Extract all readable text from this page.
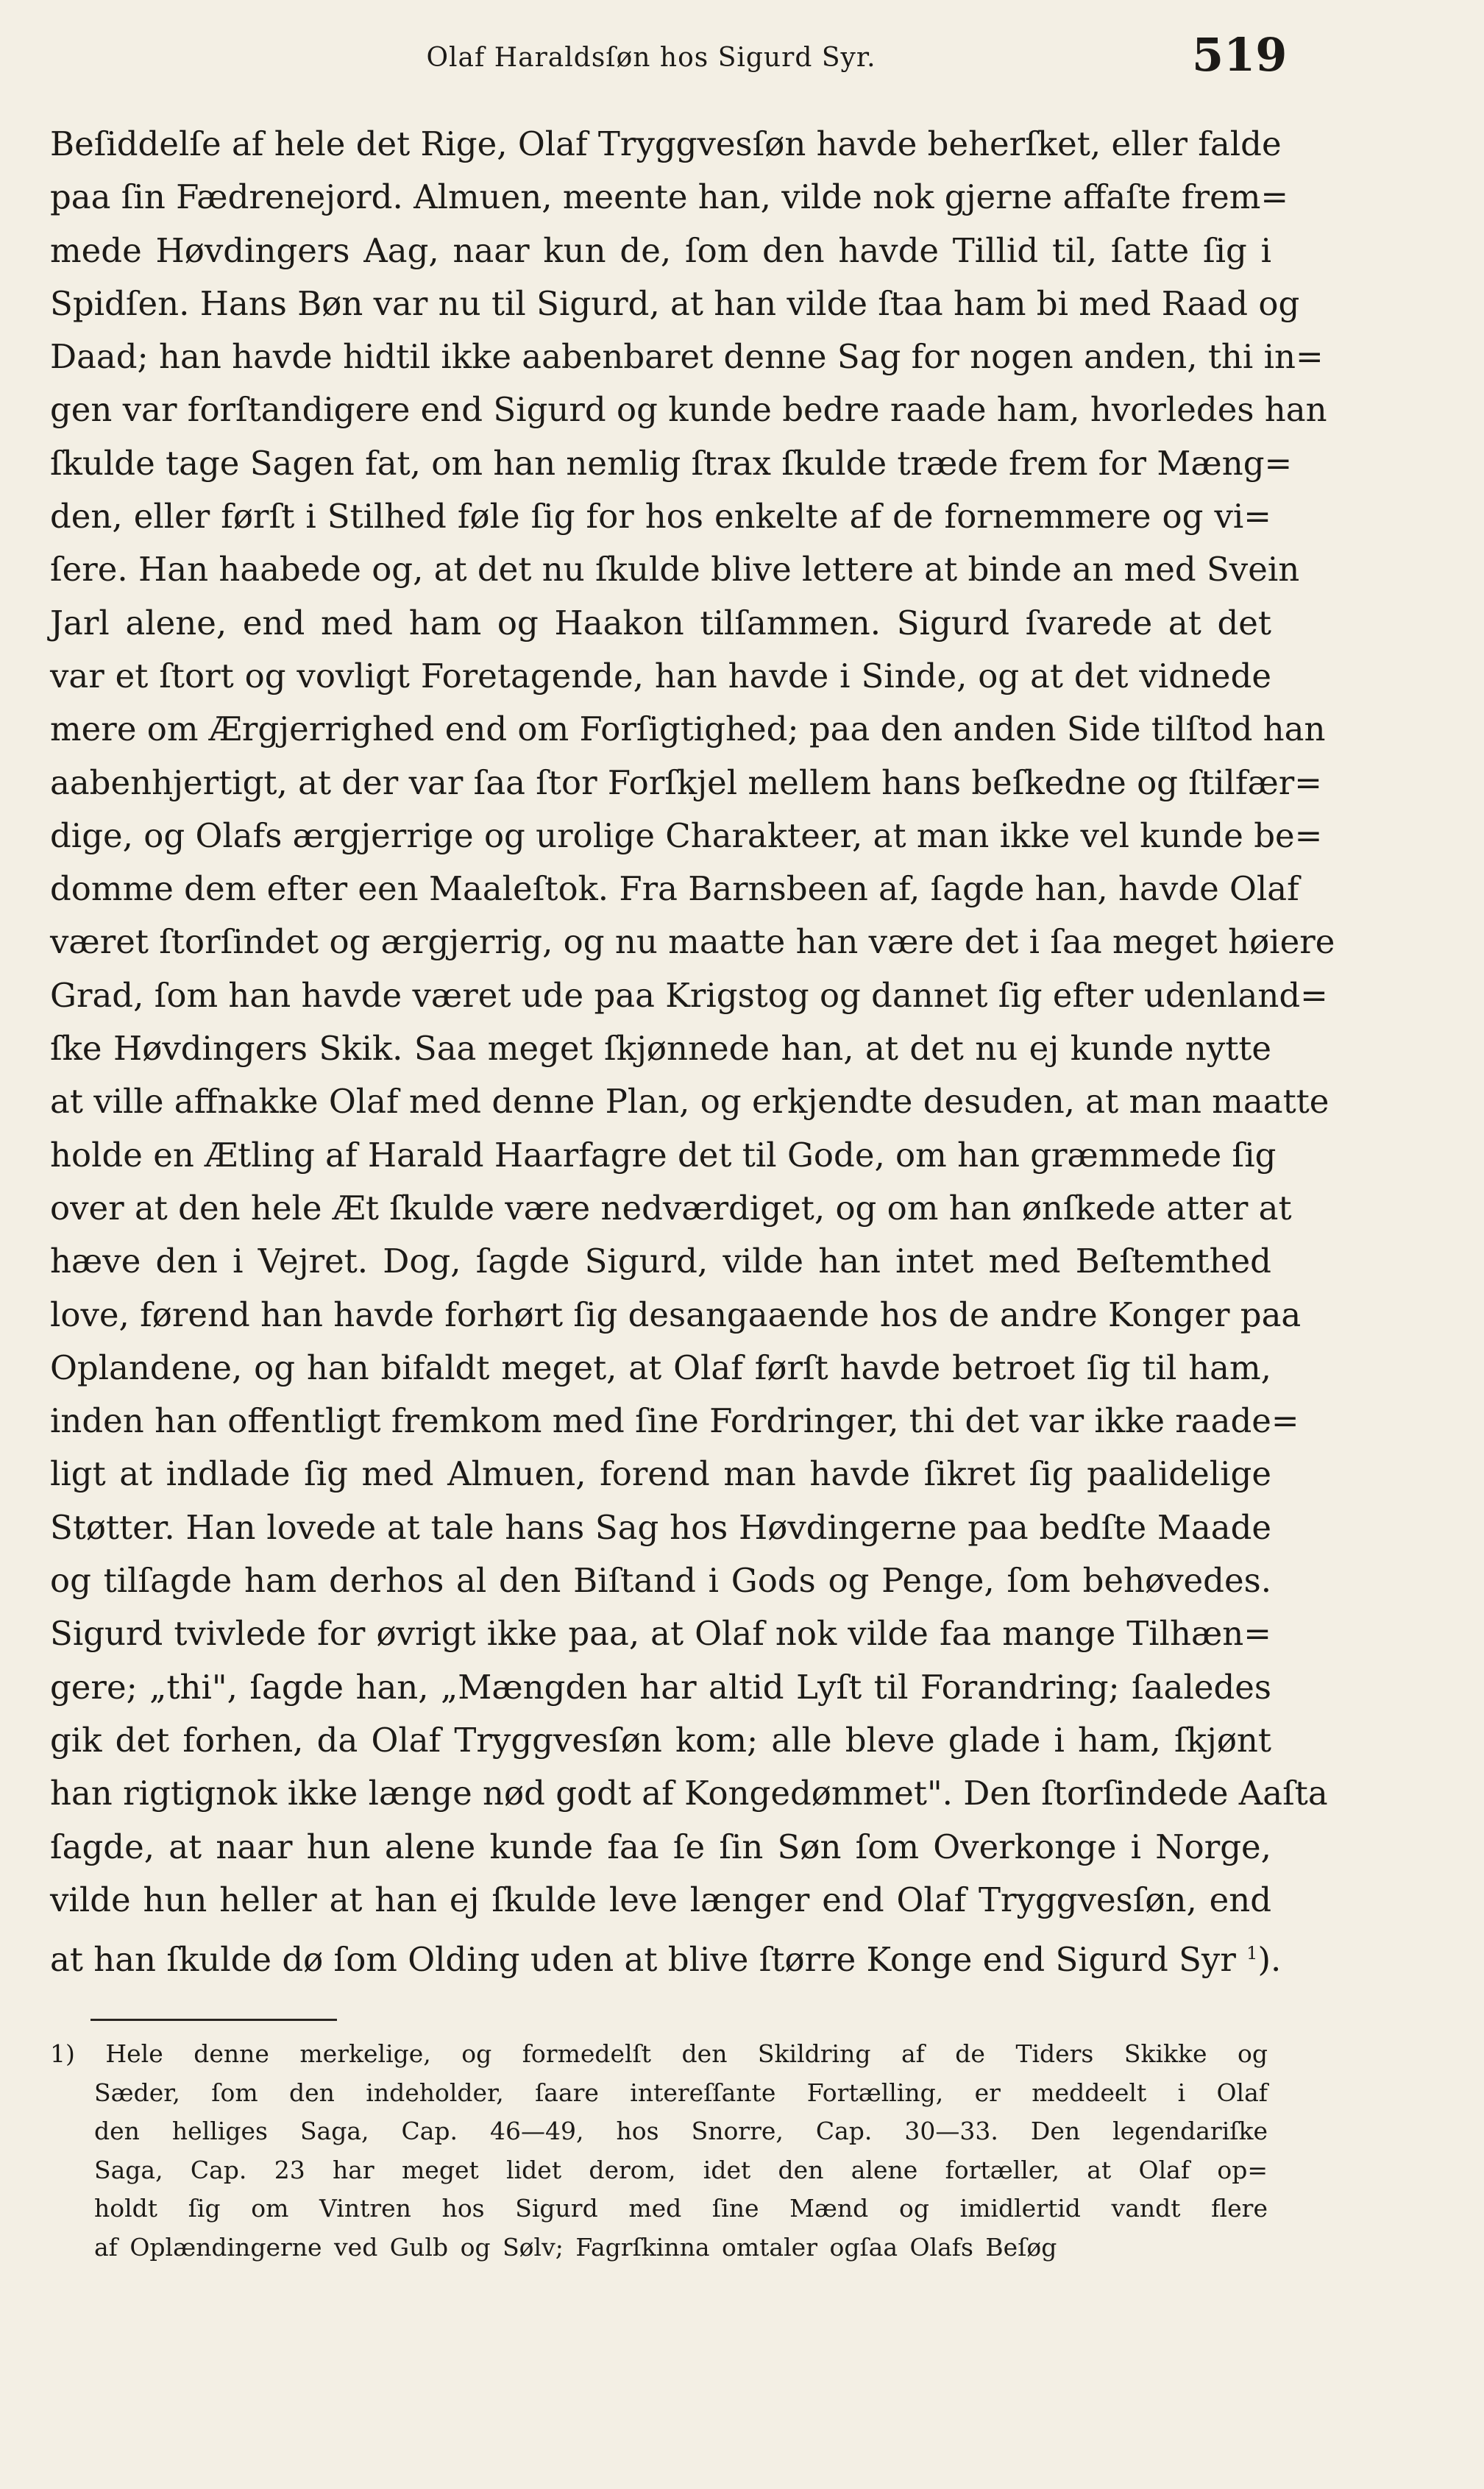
Olaf Haraldsſøn hos Sigurd Syr.	519
Beſiddelſe af hele det Rige, Olaf Tryggvesſøn havde beherſket, eller falde
paa ſin Fædrenejord. Almuen, meente han, vilde nok gjerne affaſte frem=
mede Høvdingers Aag, naar kun de, ſom den havde Tillid til, ſatte ſig i
Spidſen. Hans Bøn var nu til Sigurd, at han vilde ſtaa ham bi med Raad og
Daad; han havde hidtil ikke aabenbaret denne Sag for nogen anden, thi in=
gen var forſtandigere end Sigurd og kunde bedre raade ham, hvorledes han
ſkulde tage Sagen fat, om han nemlig ſtrax ſkulde træde frem for Mæng=
den, eller førſt i Stilhed føle ſig for hos enkelte af de fornemmere og vi=
ſere. Han haabede og, at det nu ſkulde blive lettere at binde an med Svein
Jarl alene, end med ham og Haakon tilſammen. Sigurd ſvarede at det
var et ſtort og vovligt Foretagende, han havde i Sinde, og at det vidnede
mere om Ærgjerrighed end om Forſigtighed; paa den anden Side tilſtod han
aabenhjertigt, at der var ſaa ſtor Forſkjel mellem hans beſkedne og ſtilfær=
dige, og Olafs ærgjerrige og urolige Charakteer, at man ikke vel kunde be=
domme dem efter een Maaleſtok. Fra Barnsbeen af, ſagde han, havde Olaf
været ſtorſindet og ærgjerrig, og nu maatte han være det i ſaa meget høiere
Grad, ſom han havde været ude paa Krigstog og dannet ſig efter udenland=
ſke Høvdingers Skik. Saa meget ſkjønnede han, at det nu ej kunde nytte
at ville affnakke Olaf med denne Plan, og erkjendte desuden, at man maatte
holde en Ætling af Harald Haarfagre det til Gode, om han græmmede ſig
over at den hele Æt ſkulde være nedværdiget, og om han ønſkede atter at
hæve den i Vejret. Dog, ſagde Sigurd, vilde han intet med Beſtemthed
love, førend han havde forhørt ſig desangaaende hos de andre Konger paa
Oplandene, og han bifaldt meget, at Olaf førſt havde betroet ſig til ham,
inden han offentligt fremkom med ſine Fordringer, thi det var ikke raade=
ligt at indlade ſig med Almuen, forend man havde ſikret ſig paalidelige
Støtter. Han lovede at tale hans Sag hos Høvdingerne paa bedſte Maade
og tilſagde ham derhos al den Biſtand i Gods og Penge, ſom behøvedes.
Sigurd tvivlede for øvrigt ikke paa, at Olaf nok vilde faa mange Tilhæn=
gere; „thi", ſagde han, „Mængden har altid Lyſt til Forandring; ſaaledes
gik det forhen, da Olaf Tryggvesſøn kom; alle bleve glade i ham, ſkjønt
han rigtignok ikke længe nød godt af Kongedømmet". Den ſtorſindede Aaſta
ſagde, at naar hun alene kunde faa ſe ſin Søn ſom Overkonge i Norge,
vilde hun heller at han ej ſkulde leve længer end Olaf Tryggvesſøn, end
at han ſkulde dø ſom Olding uden at blive ſtørre Konge end Sigurd Syr $^1$).
1) Hele denne merkelige, og formedelſt den Skildring af de Tiders Skikke og
Sæder, ſom den indeholder, ſaare intereſſante Fortælling, er meddeelt i Olaf
den helliges Saga, Cap. 46—49, hos Snorre, Cap. 30—33. Den legendariſke
Saga, Cap. 23 har meget lidet derom, idet den alene fortæller, at Olaf op=
holdt ſig om Vintren hos Sigurd med ſine Mænd og imidlertid vandt flere
af Oplændingerne ved Gulb og Sølv; Fagrſkinna omtaler ogſaa Olafs Beſøg
